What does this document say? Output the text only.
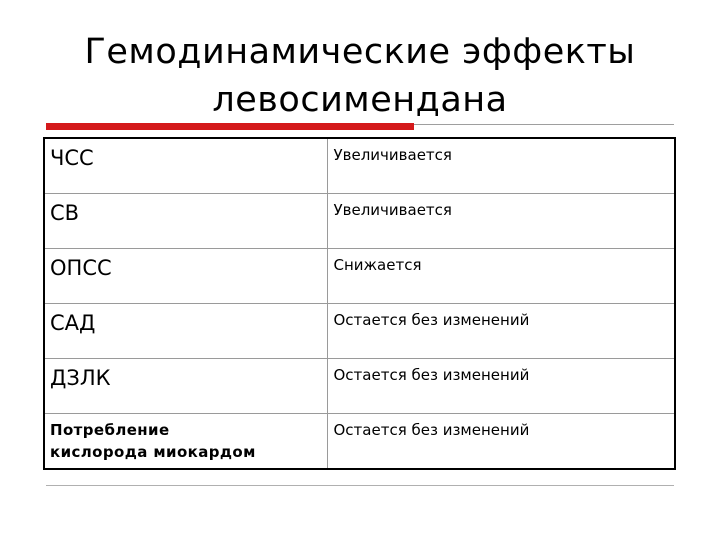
Гемодинамические эффекты
левосимендана
ЧСС	Увеличивается
СВ	Увеличивается
ОПСС	Снижается
САД	Остается без изменений
ДЗЛК	Остается без изменений

Потребление
кислорода миокардом	Остается без изменений
